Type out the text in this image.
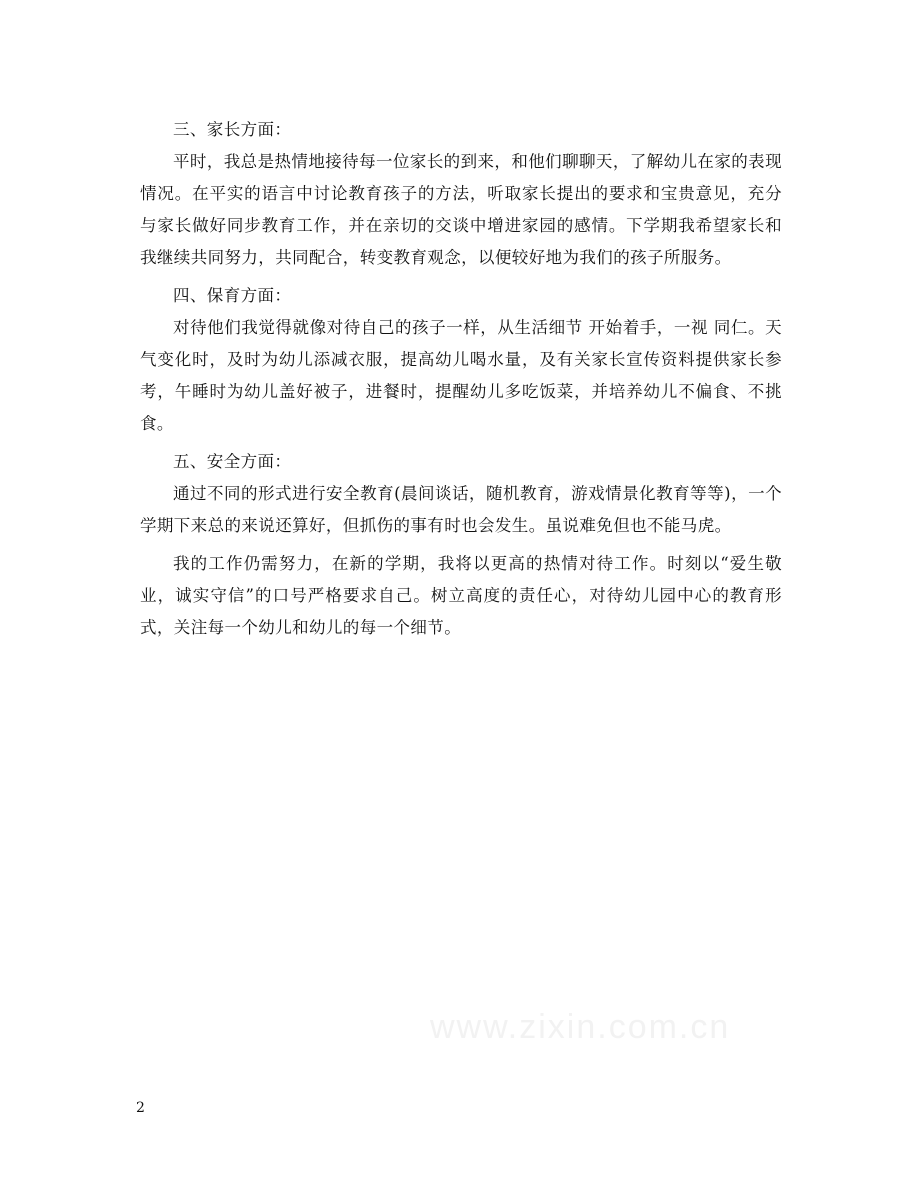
三、家长方面：

平时，我总是热情地接待每一位家长的到来，和他们聊聊天，了解幼儿在家的表现情况。在平实的语言中讨论教育孩子的方法，听取家长提出的要求和宝贵意见，充分与家长做好同步教育工作，并在亲切的交谈中增进家园的感情。下学期我希望家长和我继续共同努力，共同配合，转变教育观念，以便较好地为我们的孩子所服务。

四、保育方面：

对待他们我觉得就像对待自己的孩子一样，从生活细节 开始着手，一视 同仁。天气变化时，及时为幼儿添减衣服，提高幼儿喝水量，及有关家长宣传资料提供家长参考，午睡时为幼儿盖好被子，进餐时，提醒幼儿多吃饭菜，并培养幼儿不偏食、不挑食。

五、安全方面：

通过不同的形式进行安全教育(晨间谈话，随机教育，游戏情景化教育等等)，一个学期下来总的来说还算好，但抓伤的事有时也会发生。虽说难免但也不能马虎。

我的工作仍需努力，在新的学期，我将以更高的热情对待工作。时刻以“爱生敬业，诚实守信”的口号严格要求自己。树立高度的责任心，对待幼儿园中心的教育形式，关注每一个幼儿和幼儿的每一个细节。

www.zixin.com.cn
2
